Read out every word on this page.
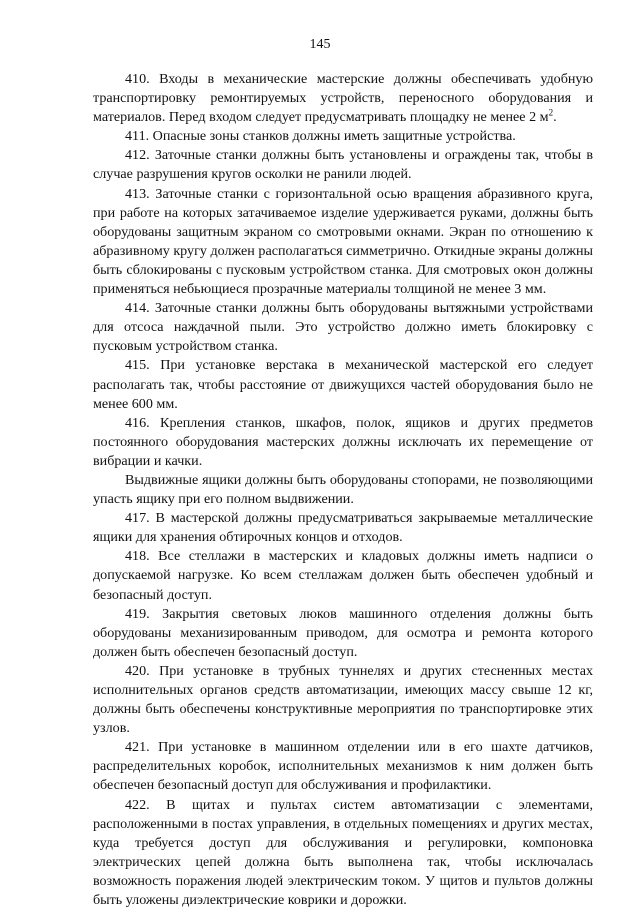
145

410. Входы в механические мастерские должны обеспечивать удобную транспортировку ремонтируемых устройств, переносного оборудования и материалов. Перед входом следует предусматривать площадку не менее 2 $м^2$.

411. Опасные зоны станков должны иметь защитные устройства.

412. Заточные станки должны быть установлены и ограждены так, чтобы в случае разрушения кругов осколки не ранили людей.

413. Заточные станки с горизонтальной осью вращения абразивного круга, при работе на которых затачиваемое изделие удерживается руками, должны быть оборудованы защитным экраном со смотровыми окнами. Экран по отношению к абразивному кругу должен располагаться симметрично. Откидные экраны должны быть сблокированы с пусковым устройством станка. Для смотровых окон должны применяться небьющиеся прозрачные материалы толщиной не менее 3 мм.

414. Заточные станки должны быть оборудованы вытяжными устройствами для отсоса наждачной пыли. Это устройство должно иметь блокировку с пусковым устройством станка.

415. При установке верстака в механической мастерской его следует располагать так, чтобы расстояние от движущихся частей оборудования было не менее 600 мм.

416. Крепления станков, шкафов, полок, ящиков и других предметов постоянного оборудования мастерских должны исключать их перемещение от вибрации и качки.

Выдвижные ящики должны быть оборудованы стопорами, не позволяющими упасть ящику при его полном выдвижении.

417. В мастерской должны предусматриваться закрываемые металлические ящики для хранения обтирочных концов и отходов.

418. Все стеллажи в мастерских и кладовых должны иметь надписи о допускаемой нагрузке. Ко всем стеллажам должен быть обеспечен удобный и безопасный доступ.

419. Закрытия световых люков машинного отделения должны быть оборудованы механизированным приводом, для осмотра и ремонта которого должен быть обеспечен безопасный доступ.

420. При установке в трубных туннелях и других стесненных местах исполнительных органов средств автоматизации, имеющих массу свыше 12 кг, должны быть обеспечены конструктивные мероприятия по транспортировке этих узлов.

421. При установке в машинном отделении или в его шахте датчиков, распределительных коробок, исполнительных механизмов к ним должен быть обеспечен безопасный доступ для обслуживания и профилактики.

422. В щитах и пультах систем автоматизации с элементами, расположенными в постах управления, в отдельных помещениях и других местах, куда требуется доступ для обслуживания и регулировки, компоновка электрических цепей должна быть выполнена так, чтобы исключалась возможность поражения людей электрическим током. У щитов и пультов должны быть уложены диэлектрические коврики и дорожки.
